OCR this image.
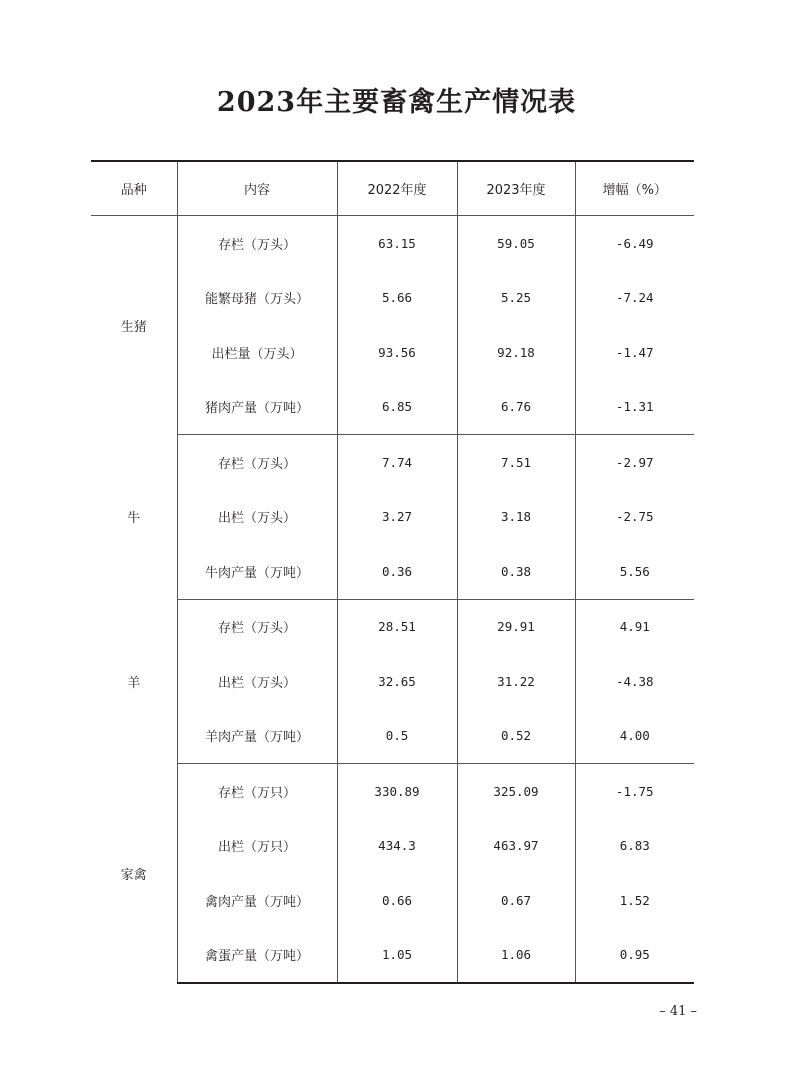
2023年主要畜禽生产情况表
品种	内容	2022年度	2023年度	增幅（%）
生猪	存栏（万头）	63.15	59.05	-6.49
	能繁母猪（万头）	5.66	5.25	-7.24
	出栏量（万头）	93.56	92.18	-1.47
	猪肉产量（万吨）	6.85	6.76	-1.31
牛	存栏（万头）	7.74	7.51	-2.97
	出栏（万头）	3.27	3.18	-2.75
	牛肉产量（万吨）	0.36	0.38	5.56
羊	存栏（万头）	28.51	29.91	4.91
	出栏（万头）	32.65	31.22	-4.38
	羊肉产量（万吨）	0.5	0.52	4.00
家禽	存栏（万只）	330.89	325.09	-1.75
	出栏（万只）	434.3	463.97	6.83
	禽肉产量（万吨）	0.66	0.67	1.52
	禽蛋产量（万吨）	1.05	1.06	0.95
– 41 –
